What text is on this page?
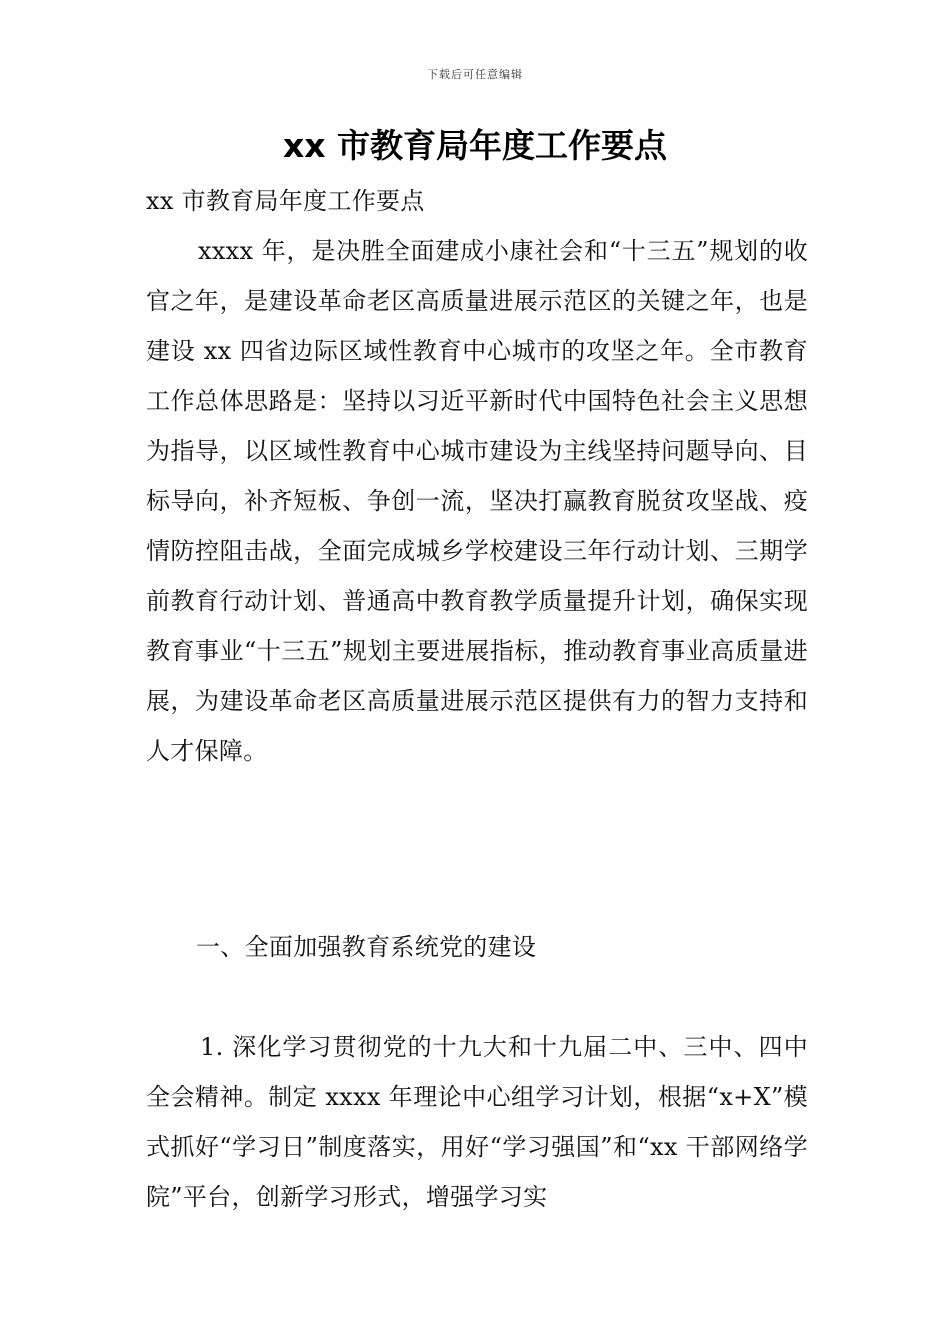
下载后可任意编辑
xx 市教育局年度工作要点

xx 市教育局年度工作要点

xxxx 年，是决胜全面建成小康社会和“十三五”规划的收官之年，是建设革命老区高质量进展示范区的关键之年，也是建设 xx 四省边际区域性教育中心城市的攻坚之年。全市教育工作总体思路是：坚持以习近平新时代中国特色社会主义思想为指导，以区域性教育中心城市建设为主线坚持问题导向、目标导向，补齐短板、争创一流，坚决打赢教育脱贫攻坚战、疫情防控阻击战，全面完成城乡学校建设三年行动计划、三期学前教育行动计划、普通高中教育教学质量提升计划，确保实现教育事业“十三五”规划主要进展指标，推动教育事业高质量进展，为建设革命老区高质量进展示范区提供有力的智力支持和人才保障。

一、全面加强教育系统党的建设

1. 深化学习贯彻党的十九大和十九届二中、三中、四中全会精神。制定 xxxx 年理论中心组学习计划，根据“x+X”模式抓好“学习日”制度落实，用好“学习强国”和“xx 干部网络学院”平台，创新学习形式，增强学习实
